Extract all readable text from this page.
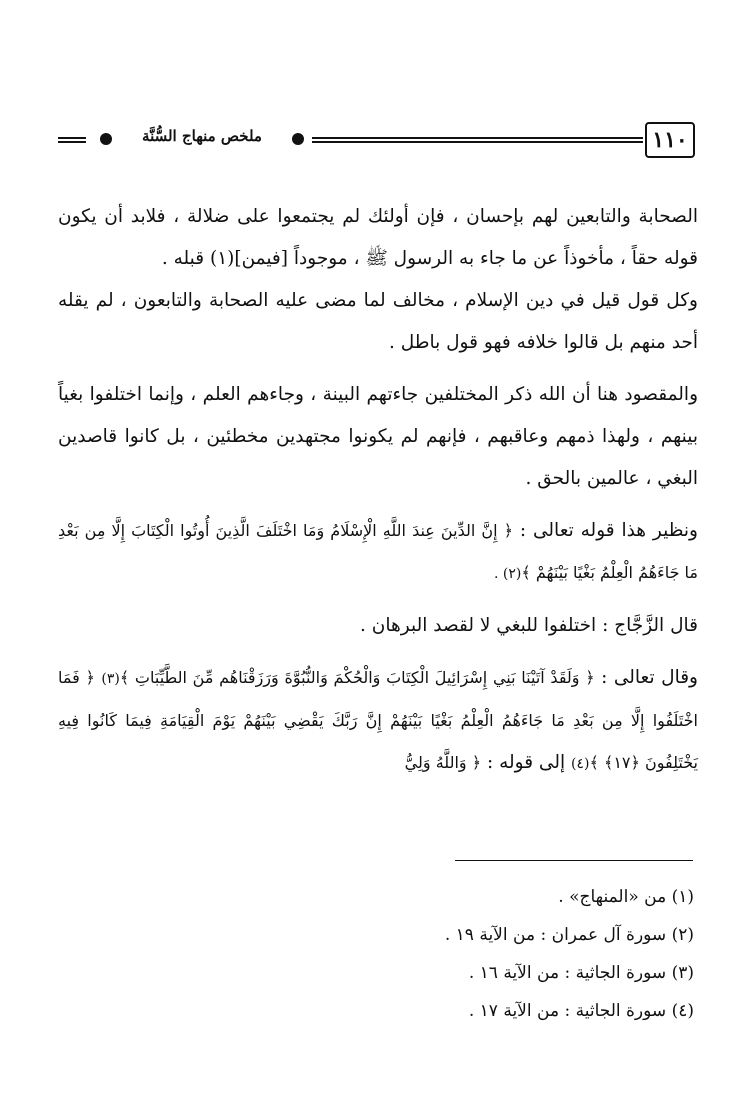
١١٠
ملخص منهاج السُّنَّة

الصحابة والتابعين لهم بإحسان ، فإن أولئك لم يجتمعوا على ضلالة ، فلابد أن يكون قوله حقاً ، مأخوذاً عن ما جاء به الرسول ﷺ ، موجوداً [فيمن](١) قبله .

وكل قول قيل في دين الإسلام ، مخالف لما مضى عليه الصحابة والتابعون ، لم يقله أحد منهم بل قالوا خلافه فهو قول باطل .

والمقصود هنا أن الله ذكر المختلفين جاءتهم البينة ، وجاءهم العلم ، وإنما اختلفوا بغياً بينهم ، ولهذا ذمهم وعاقبهم ، فإنهم لم يكونوا مجتهدين مخطئين ، بل كانوا قاصدين البغي ، عالمين بالحق .

ونظير هذا قوله تعالى : ﴿ إِنَّ الدِّينَ عِندَ اللَّهِ الْإِسْلَامُ وَمَا اخْتَلَفَ الَّذِينَ أُوتُوا الْكِتَابَ إِلَّا مِن بَعْدِ مَا جَاءَهُمُ الْعِلْمُ بَغْيًا بَيْنَهُمْ ﴾(٢) .

قال الزَّجَّاج : اختلفوا للبغي لا لقصد البرهان .

وقال تعالى : ﴿ وَلَقَدْ آتَيْنَا بَنِي إِسْرَائِيلَ الْكِتَابَ وَالْحُكْمَ وَالنُّبُوَّةَ وَرَزَقْنَاهُم مِّنَ الطَّيِّبَاتِ ﴾(٣) ﴿ فَمَا اخْتَلَفُوا إِلَّا مِن بَعْدِ مَا جَاءَهُمُ الْعِلْمُ بَغْيًا بَيْنَهُمْ إِنَّ رَبَّكَ يَقْضِي بَيْنَهُمْ يَوْمَ الْقِيَامَةِ فِيمَا كَانُوا فِيهِ يَخْتَلِفُونَ ﴿١٧﴾ ﴾(٤) إلى قوله : ﴿ وَاللَّهُ وَلِيُّ

(١) من «المنهاج» .

(٢) سورة آل عمران : من الآية ١٩ .

(٣) سورة الجاثية : من الآية ١٦ .

(٤) سورة الجاثية : من الآية ١٧ .
